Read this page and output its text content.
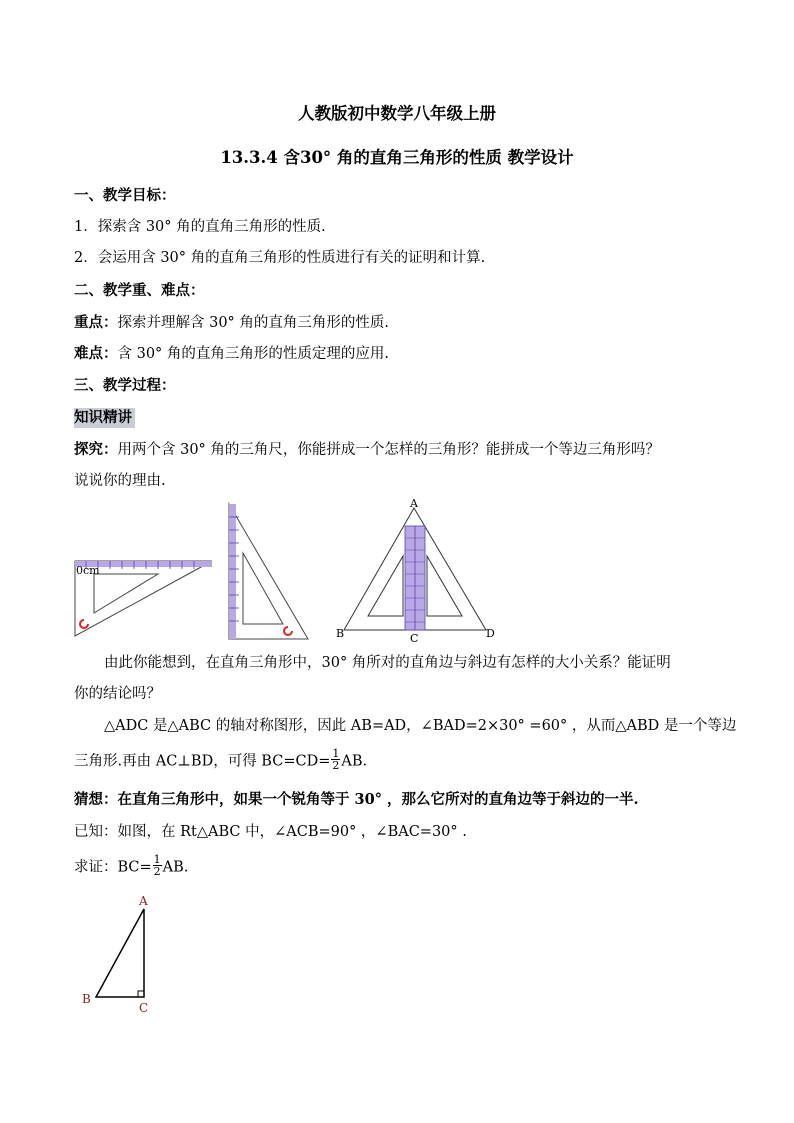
人教版初中数学八年级上册
13.3.4 含30° 角的直角三角形的性质 教学设计
一、教学目标：
1．探索含 30° 角的直角三角形的性质.
2．会运用含 30° 角的直角三角形的性质进行有关的证明和计算.
二、教学重、难点：
重点：探索并理解含 30° 角的直角三角形的性质.
难点：含 30° 角的直角三角形的性质定理的应用.
三、教学过程：
知识精讲
探究：用两个含 30° 角的三角尺，你能拼成一个怎样的三角形？能拼成一个等边三角形吗？
说说你的理由.
0cm
A
B	C	D
由此你能想到，在直角三角形中，30° 角所对的直角边与斜边有怎样的大小关系？能证明
你的结论吗？
△ADC 是△ABC 的轴对称图形，因此 AB=AD，∠BAD=2×30° =60° ，从而△ABD 是一个等边
三角形.再由 AC⊥BD，可得 $BC=CD= \frac{1}{2}$ AB.
猜想：在直角三角形中，如果一个锐角等于 30° ，那么它所对的直角边等于斜边的一半.
已知：如图，在 Rt△ABC 中，∠ACB=90° ，∠BAC=30° .
求证：$BC= \frac{1}{2}$ AB.
A
B
C
